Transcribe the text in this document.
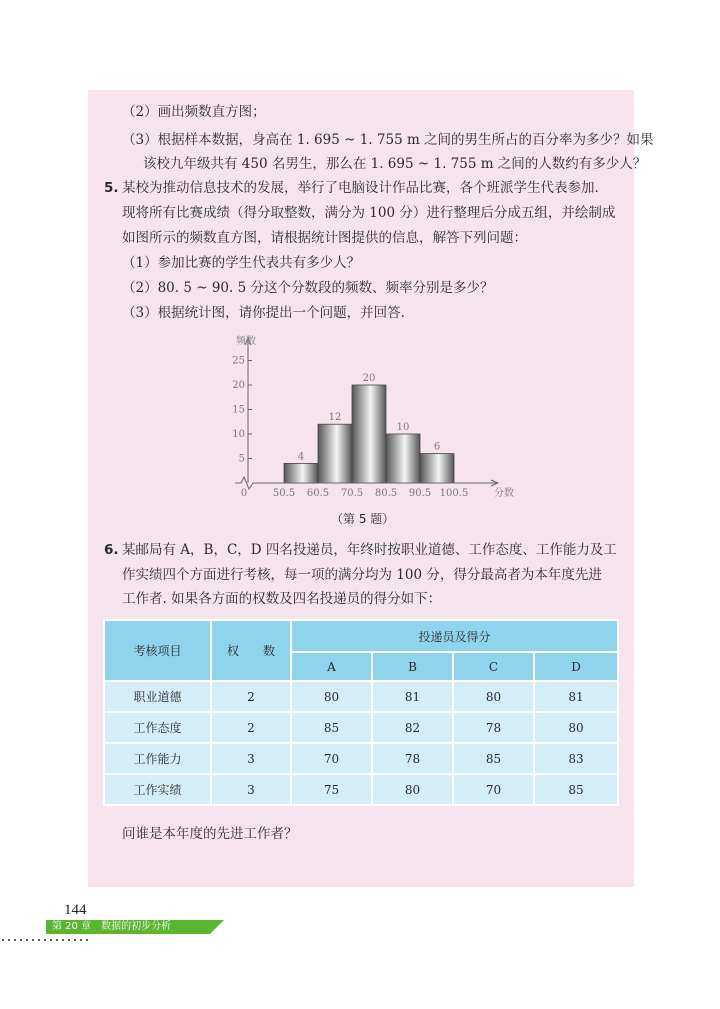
（2）画出频数直方图；
（3）根据样本数据，身高在 1. 695 ~ 1. 755 m 之间的男生所占的百分率为多少？如果
该校九年级共有 450 名男生，那么在 1. 695 ~ 1. 755 m 之间的人数约有多少人？
5. 某校为推动信息技术的发展，举行了电脑设计作品比赛，各个班派学生代表参加.
现将所有比赛成绩（得分取整数，满分为 100 分）进行整理后分成五组，并绘制成
如图所示的频数直方图，请根据统计图提供的信息，解答下列问题：
（1）参加比赛的学生代表共有多少人？
（2）80. 5 ~ 90. 5 分这个分数段的频数、频率分别是多少？
（3）根据统计图，请你提出一个问题，并回答.
4
12
20
10
6
5
10
15
20
25
50.5 60.5 70.5 80.5 90.5 100.5
0
频数
分数
（第 5 题）
6. 某邮局有 A，B，C，D 四名投递员，年终时按职业道德、工作态度、工作能力及工
作实绩四个方面进行考核，每一项的满分均为 100 分，得分最高者为本年度先进
工作者. 如果各方面的权数及四名投递员的得分如下：
考核项目	权　　数	投递员及得分			
		A	B	C	D
职业道德	2	80	81	80	81
工作态度	2	85	82	78	80
工作能力	3	70	78	85	83
工作实绩	3	75	80	70	85
问谁是本年度的先进工作者？
144
第 20 章　数据的初步分析
